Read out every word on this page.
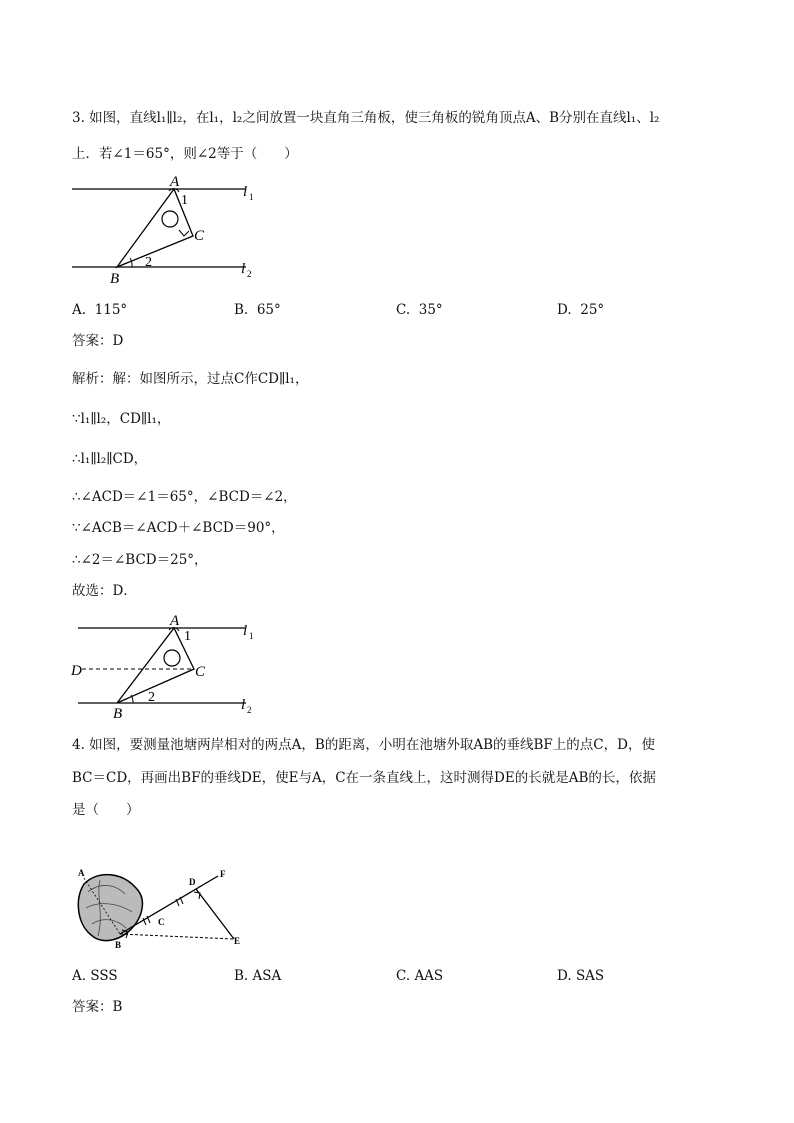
3. 如图，直线l₁∥l₂，在l₁，l₂之间放置一块直角三角板，使三角板的锐角顶点A、B分别在直线l₁、l₂
上．若∠1＝65°，则∠2等于（　　）
A
1
C
2
B
l 1
l 2
A. 115°	B. 65°	C. 35°	D. 25°
答案：D
解析：解：如图所示，过点C作CD∥l₁，
∵l₁∥l₂，CD∥l₁，
∴l₁∥l₂∥CD，
∴∠ACD＝∠1＝65°，∠BCD＝∠2，
∵∠ACB＝∠ACD＋∠BCD＝90°，
∴∠2＝∠BCD＝25°，
故选：D．
A
1
C
D
2
B
l 1
l 2
4. 如图，要测量池塘两岸相对的两点A，B的距离，小明在池塘外取AB的垂线BF上的点C，D，使
BC＝CD，再画出BF的垂线DE，使E与A，C在一条直线上，这时测得DE的长就是AB的长，依据
是（　　）
A
B
C
D
F
E
A. SSS	B. ASA	C. AAS	D. SAS
答案：B
